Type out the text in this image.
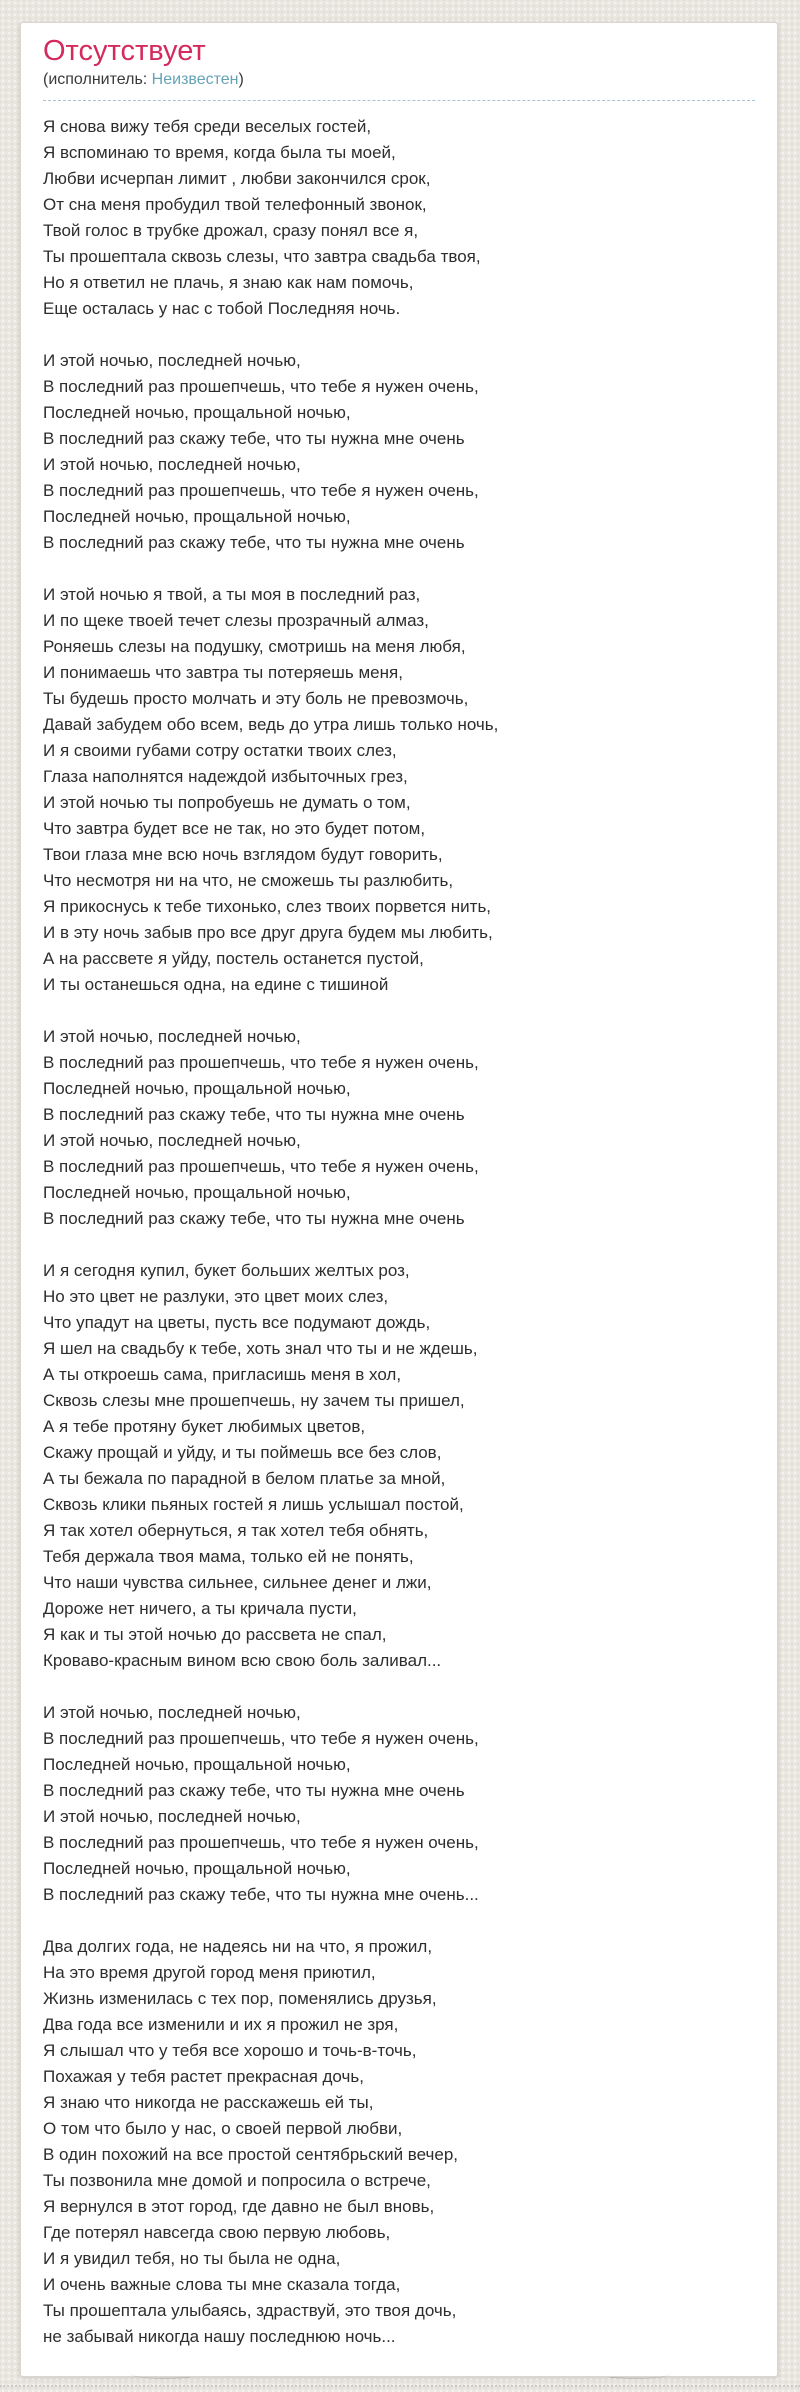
Отсутствует
(исполнитель: Неизвестен)

Я снова вижу тебя среди веселых гостей,
Я вспоминаю то время, когда была ты моей,
Любви исчерпан лимит , любви закончился срок,
От сна меня пробудил твой телефонный звонок,
Твой голос в трубке дрожал, сразу понял все я,
Ты прошептала сквозь слезы, что завтра свадьба твоя,
Но я ответил не плачь, я знаю как нам помочь,
Еще осталась у нас с тобой Последняя ночь.

И этой ночью, последней ночью,
В последний раз прошепчешь, что тебе я нужен очень,
Последней ночью, прощальной ночью,
В последний раз скажу тебе, что ты нужна мне очень
И этой ночью, последней ночью,
В последний раз прошепчешь, что тебе я нужен очень,
Последней ночью, прощальной ночью,
В последний раз скажу тебе, что ты нужна мне очень

И этой ночью я твой, а ты моя в последний раз,
И по щеке твоей течет слезы прозрачный алмаз,
Роняешь слезы на подушку, смотришь на меня любя,
И понимаешь что завтра ты потеряешь меня,
Ты будешь просто молчать и эту боль не превозмочь,
Давай забудем обо всем, ведь до утра лишь только ночь,
И я своими губами сотру остатки твоих слез,
Глаза наполнятся надеждой избыточных грез,
И этой ночью ты попробуешь не думать о том,
Что завтра будет все не так, но это будет потом,
Твои глаза мне всю ночь взглядом будут говорить,
Что несмотря ни на что, не сможешь ты разлюбить,
Я прикоснусь к тебе тихонько, слез твоих порвется нить,
И в эту ночь забыв про все друг друга будем мы любить,
А на рассвете я уйду, постель останется пустой,
И ты останешься одна, на едине с тишиной

И этой ночью, последней ночью,
В последний раз прошепчешь, что тебе я нужен очень,
Последней ночью, прощальной ночью,
В последний раз скажу тебе, что ты нужна мне очень
И этой ночью, последней ночью,
В последний раз прошепчешь, что тебе я нужен очень,
Последней ночью, прощальной ночью,
В последний раз скажу тебе, что ты нужна мне очень

И я сегодня купил, букет больших желтых роз,
Но это цвет не разлуки, это цвет моих слез,
Что упадут на цветы, пусть все подумают дождь,
Я шел на свадьбу к тебе, хоть знал что ты и не ждешь,
А ты откроешь сама, пригласишь меня в хол,
Сквозь слезы мне прошепчешь, ну зачем ты пришел,
А я тебе протяну букет любимых цветов,
Скажу прощай и уйду, и ты поймешь все без слов,
А ты бежала по парадной в белом платье за мной,
Сквозь клики пьяных гостей я лишь услышал постой,
Я так хотел обернуться, я так хотел тебя обнять,
Тебя держала твоя мама, только ей не понять,
Что наши чувства сильнее, сильнее денег и лжи,
Дороже нет ничего, а ты кричала пусти,
Я как и ты этой ночью до рассвета не спал,
Кроваво-красным вином всю свою боль заливал...

И этой ночью, последней ночью,
В последний раз прошепчешь, что тебе я нужен очень,
Последней ночью, прощальной ночью,
В последний раз скажу тебе, что ты нужна мне очень
И этой ночью, последней ночью,
В последний раз прошепчешь, что тебе я нужен очень,
Последней ночью, прощальной ночью,
В последний раз скажу тебе, что ты нужна мне очень...

Два долгих года, не надеясь ни на что, я прожил,
На это время другой город меня приютил,
Жизнь изменилась с тех пор, поменялись друзья,
Два года все изменили и их я прожил не зря,
Я слышал что у тебя все хорошо и точь-в-точь,
Похажая у тебя растет прекрасная дочь,
Я знаю что никогда не расскажешь ей ты,
О том что было у нас, о своей первой любви,
В один похожий на все простой сентябрьский вечер,
Ты позвонила мне домой и попросила о встрече,
Я вернулся в этот город, где давно не был вновь,
Где потерял навсегда свою первую любовь,
И я увидил тебя, но ты была не одна,
И очень важные слова ты мне сказала тогда,
Ты прошептала улыбаясь, здраствуй, это твоя дочь,
не забывай никогда нашу последнюю ночь...
